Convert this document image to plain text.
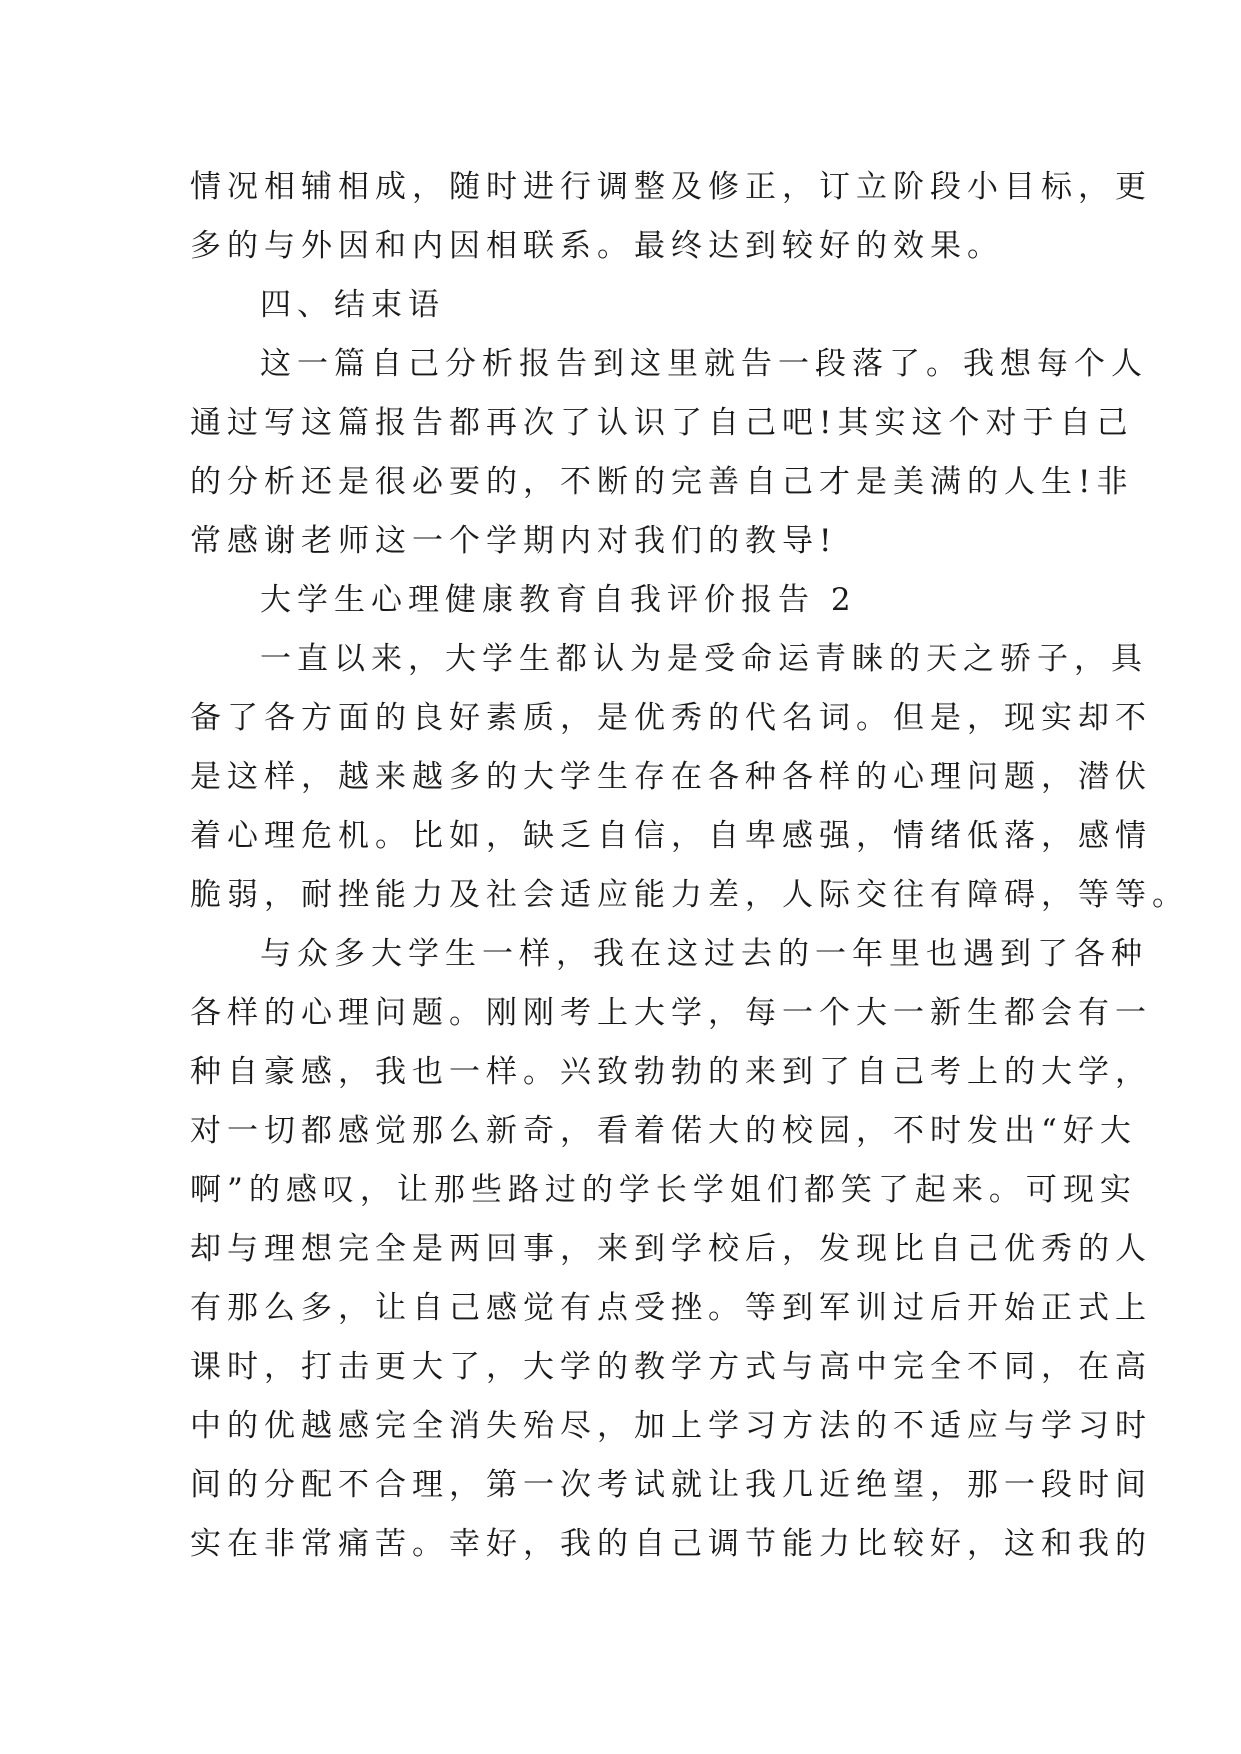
情况相辅相成，随时进行调整及修正，订立阶段小目标，更
多的与外因和内因相联系。最终达到较好的效果。
四、结束语
这一篇自己分析报告到这里就告一段落了。我想每个人
通过写这篇报告都再次了认识了自己吧!其实这个对于自己
的分析还是很必要的，不断的完善自己才是美满的人生!非
常感谢老师这一个学期内对我们的教导!
大学生心理健康教育自我评价报告 2
一直以来，大学生都认为是受命运青睐的天之骄子，具
备了各方面的良好素质，是优秀的代名词。但是，现实却不
是这样，越来越多的大学生存在各种各样的心理问题，潜伏
着心理危机。比如，缺乏自信，自卑感强，情绪低落，感情
脆弱，耐挫能力及社会适应能力差，人际交往有障碍，等等。
与众多大学生一样，我在这过去的一年里也遇到了各种
各样的心理问题。刚刚考上大学，每一个大一新生都会有一
种自豪感，我也一样。兴致勃勃的来到了自己考上的大学，
对一切都感觉那么新奇，看着偌大的校园，不时发出“好大
啊”的感叹，让那些路过的学长学姐们都笑了起来。可现实
却与理想完全是两回事，来到学校后，发现比自己优秀的人
有那么多，让自己感觉有点受挫。等到军训过后开始正式上
课时，打击更大了，大学的教学方式与高中完全不同，在高
中的优越感完全消失殆尽，加上学习方法的不适应与学习时
间的分配不合理，第一次考试就让我几近绝望，那一段时间
实在非常痛苦。幸好，我的自己调节能力比较好，这和我的
